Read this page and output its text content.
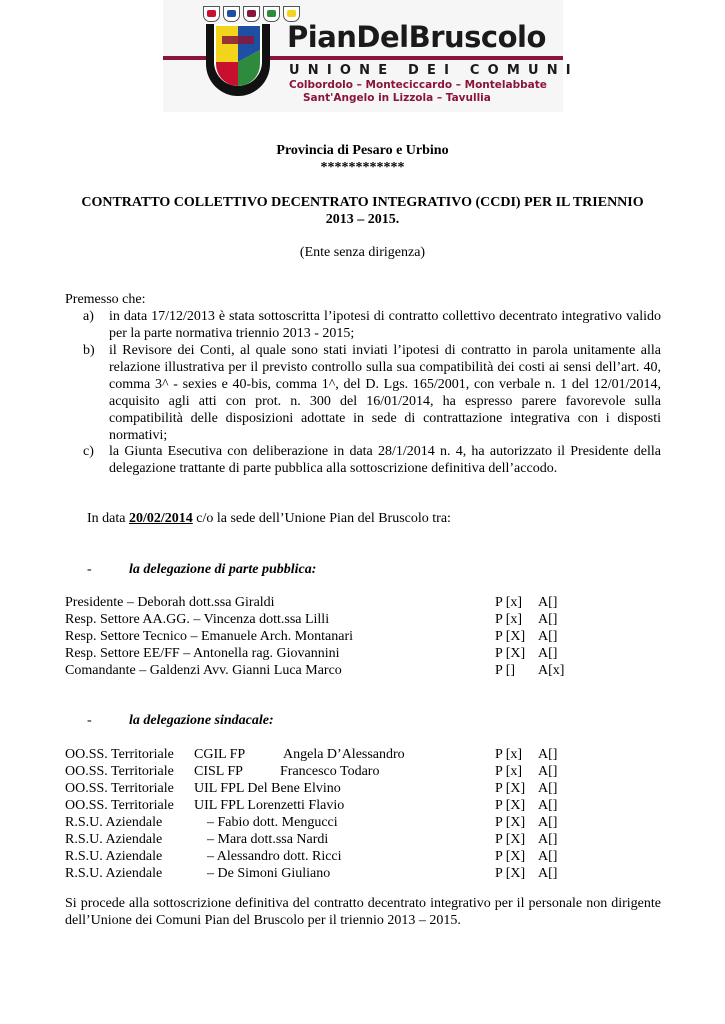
PianDelBruscolo
UNIONE DEI COMUNI
Colbordolo – Monteciccardo – Montelabbate
Sant'Angelo in Lizzola – Tavullia
Provincia di Pesaro e Urbino
************
CONTRATTO COLLETTIVO DECENTRATO INTEGRATIVO (CCDI) PER IL TRIENNIO
2013 – 2015.
(Ente senza dirigenza)
Premesso che:
a) in data 17/12/2013 è stata sottoscritta l’ipotesi di contratto collettivo decentrato integrativo valido per la parte normativa triennio 2013 - 2015;
b) il Revisore dei Conti, al quale sono stati inviati l’ipotesi di contratto in parola unitamente alla relazione illustrativa per il previsto controllo sulla sua compatibilità dei costi ai sensi dell’art. 40, comma 3^ - sexies e 40-bis, comma 1^, del D. Lgs. 165/2001, con verbale n. 1 del 12/01/2014, acquisito agli atti con prot. n. 300 del 16/01/2014, ha espresso parere favorevole sulla compatibilità delle disposizioni adottate in sede di contrattazione integrativa con i disposti normativi;
c) la Giunta Esecutiva con deliberazione in data 28/1/2014 n. 4, ha autorizzato il Presidente della delegazione trattante di parte pubblica alla sottoscrizione definitiva dell’accodo.
In data 20/02/2014 c/o la sede dell’Unione Pian del Bruscolo tra:
-	la delegazione di parte pubblica:
Presidente – Deborah dott.ssa Giraldi	P [x] A[]
Resp. Settore AA.GG. – Vincenza dott.ssa Lilli	P [x] A[]
Resp. Settore Tecnico – Emanuele Arch. Montanari	P [X] A[]
Resp. Settore EE/FF – Antonella rag. Giovannini	P [X] A[]
Comandante – Galdenzi Avv. Gianni Luca Marco	P [] A[x]
-	la delegazione sindacale:
OO.SS. Territoriale CGIL FP	Angela D’Alessandro	P [x] A[]
OO.SS. Territoriale CISL FP	Francesco Todaro	P [x] A[]
OO.SS. Territoriale UIL FPL Del Bene Elvino	P [X] A[]
OO.SS. Territoriale UIL FPL Lorenzetti Flavio	P [X] A[]
R.S.U. Aziendale	– Fabio dott. Mengucci	P [X] A[]
R.S.U. Aziendale	– Mara dott.ssa Nardi	P [X] A[]
R.S.U. Aziendale	– Alessandro dott. Ricci	P [X] A[]
R.S.U. Aziendale	– De Simoni Giuliano	P [X] A[]
Si procede alla sottoscrizione definitiva del contratto decentrato integrativo per il personale non dirigente dell’Unione dei Comuni Pian del Bruscolo per il triennio 2013 – 2015.
